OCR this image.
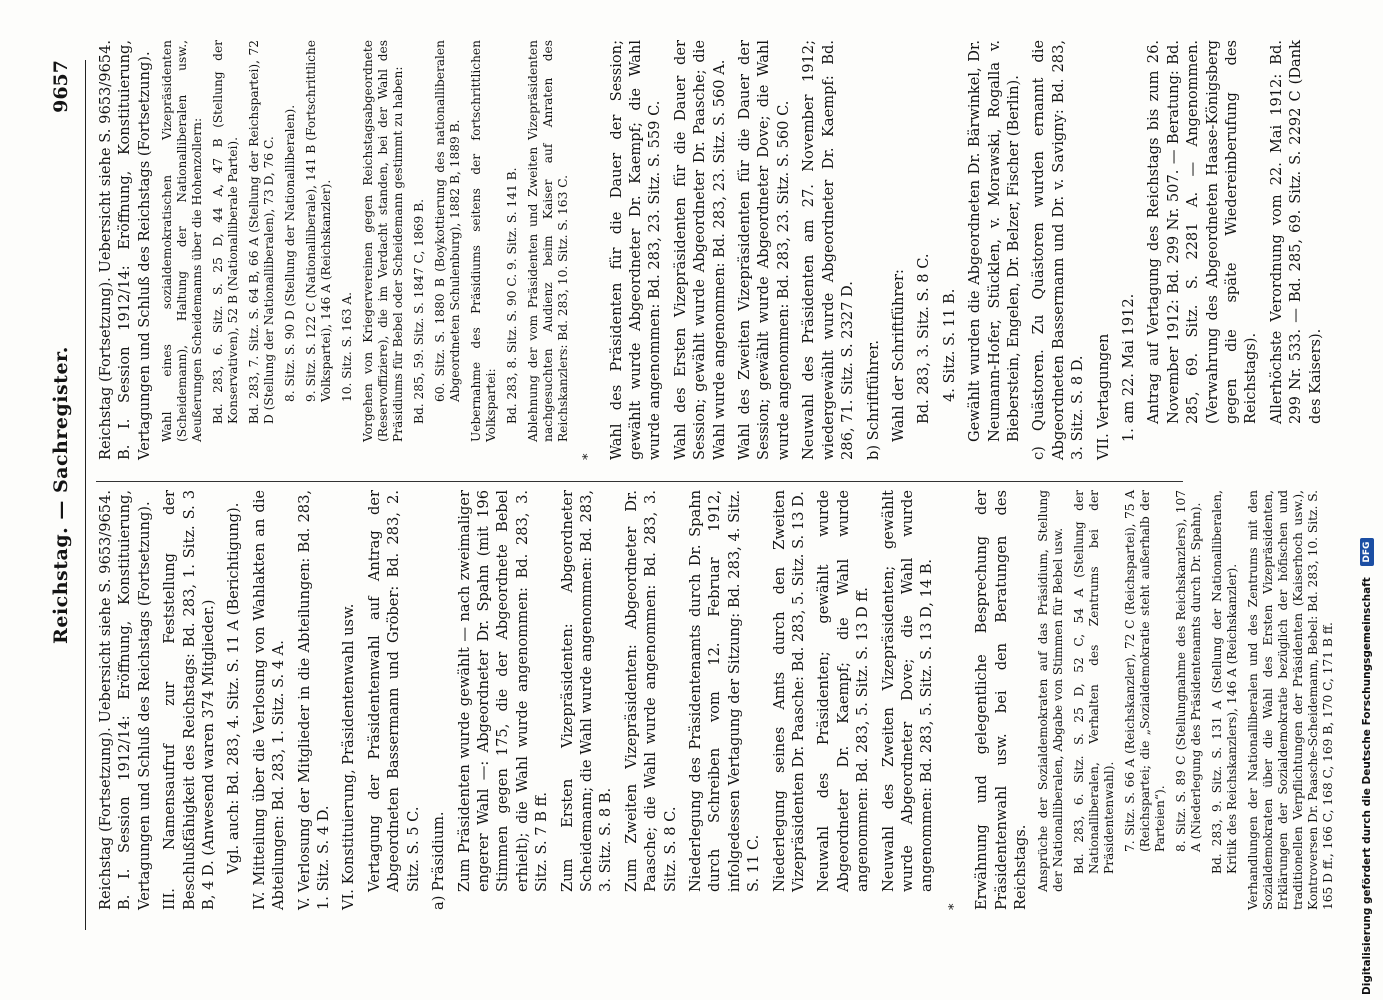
Reichstag. — Sachregister.
9657

Reichstag (Fortsetzung). Uebersicht siehe S. 9653/9654. B. I. Session 1912/14: Eröffnung, Konstituierung, Vertagungen und Schluß des Reichstags (Fortsetzung). III. Namensaufruf zur Feststellung der Beschlußfähigkeit des Reichstags: Bd. 283, 1. Sitz. S. 3 B, 4 D. (Anwesend waren 374 Mitglieder.) Vgl. auch: Bd. 283, 4. Sitz. S. 11 A (Berichtigung). IV. Mitteilung über die Verlosung von Wahlakten an die Abteilungen: Bd. 283, 1. Sitz. S. 4 A. V. Verlosung der Mitglieder in die Abteilungen: Bd. 283, 1. Sitz. S. 4 D. VI. Konstituierung, Präsidentenwahl usw. Vertagung der Präsidentenwahl auf Antrag der Abgeordneten Bassermann und Gröber: Bd. 283, 2. Sitz. S. 5 C. a) Präsidium. Zum Präsidenten wurde gewählt — nach zweimaliger engerer Wahl —: Abgeordneter Dr. Spahn (mit 196 Stimmen gegen 175, die der Abgeordnete Bebel erhielt); die Wahl wurde angenommen: Bd. 283, 3. Sitz. S. 7 B ff. Zum Ersten Vizepräsidenten: Abgeordneter Scheidemann; die Wahl wurde angenommen: Bd. 283, 3. Sitz. S. 8 B. Zum Zweiten Vizepräsidenten: Abgeordneter Dr. Paasche; die Wahl wurde angenommen: Bd. 283, 3. Sitz. S. 8 C. Niederlegung des Präsidentenamts durch Dr. Spahn durch Schreiben vom 12. Februar 1912, infolgedessen Vertagung der Sitzung: Bd. 283, 4. Sitz. S. 11 C. Niederlegung seines Amts durch den Zweiten Vizepräsidenten Dr. Paasche: Bd. 283, 5. Sitz. S. 13 D. Neuwahl des Präsidenten; gewählt wurde Abgeordneter Dr. Kaempf; die Wahl wurde angenommen: Bd. 283, 5. Sitz. S. 13 D ff. Neuwahl des Zweiten Vizepräsidenten; gewählt wurde Abgeordneter Dove; die Wahl wurde angenommen: Bd. 283, 5. Sitz. S. 13 D, 14 B.

* Erwähnung und gelegentliche Besprechung der Präsidentenwahl usw. bei den Beratungen des Reichstags. Ansprüche der Sozialdemokraten auf das Präsidium, Stellung der Nationalliberalen, Abgabe von Stimmen für Bebel usw. Bd. 283, 6. Sitz. S. 25 D, 52 C, 54 A (Stellung der Nationalliberalen, Verhalten des Zentrums bei der Präsidentenwahl). 7. Sitz. S. 66 A (Reichskanzler), 72 C (Reichspartei), 75 A (Reichspartei; die „Sozialdemokratie steht außerhalb der Parteien“). 8. Sitz. S. 89 C (Stellungnahme des Reichskanzlers), 107 A (Niederlegung des Präsidentenamts durch Dr. Spahn). Bd. 283, 9. Sitz. S. 131 A (Stellung der Nationalliberalen, Kritik des Reichskanzlers), 146 A (Reichskanzler). Verhandlungen der Nationalliberalen und des Zentrums mit den Sozialdemokraten über die Wahl des Ersten Vizepräsidenten, Erklärungen der Sozialdemokratie bezüglich der höfischen und traditionellen Verpflichtungen der Präsidenten (Kaiserhoch usw.), Kontroversen Dr. Paasche-Scheidemann, Bebel: Bd. 283, 10. Sitz. S. 165 D ff., 166 C, 168 C, 169 B, 170 C, 171 B ff.

Reichstag (Fortsetzung). Uebersicht siehe S. 9653/9654. B. I. Session 1912/14: Eröffnung, Konstituierung, Vertagungen und Schluß des Reichstags (Fortsetzung). Wahl eines sozialdemokratischen Vizepräsidenten (Scheidemann), Haltung der Nationalliberalen usw., Aeußerungen Scheidemanns über die Hohenzollern: Bd. 283, 6. Sitz. S. 25 D, 44 A, 47 B (Stellung der Konservativen), 52 B (Nationalliberale Partei). Bd. 283, 7. Sitz. S. 64 B, 66 A (Stellung der Reichspartei), 72 D (Stellung der Nationalliberalen), 73 D, 76 C. 8. Sitz. S. 90 D (Stellung der Nationalliberalen). 9. Sitz. S. 122 C (Nationalliberale), 141 B (Fortschrittliche Volkspartei), 146 A (Reichskanzler). 10. Sitz. S. 163 A. Vorgehen von Kriegervereinen gegen Reichstagsabgeordnete (Reservoffiziere), die im Verdacht standen, bei der Wahl des Präsidiums für Bebel oder Scheidemann gestimmt zu haben: Bd. 285, 59. Sitz. S. 1847 C, 1869 B. 60. Sitz. S. 1880 B (Boykottierung des nationalliberalen Abgeordneten Schulenburg), 1882 B, 1889 B. Uebernahme des Präsidiums seitens der fortschrittlichen Volkspartei: Bd. 283, 8. Sitz. S. 90 C. 9. Sitz. S. 141 B. Ablehnung der vom Präsidenten und Zweiten Vizepräsidenten nachgesuchten Audienz beim Kaiser auf Anraten des Reichskanzlers: Bd. 283, 10. Sitz. S. 163 C.

* Wahl des Präsidenten für die Dauer der Session; gewählt wurde Abgeordneter Dr. Kaempf; die Wahl wurde angenommen: Bd. 283, 23. Sitz. S. 559 C. Wahl des Ersten Vizepräsidenten für die Dauer der Session; gewählt wurde Abgeordneter Dr. Paasche; die Wahl wurde angenommen: Bd. 283, 23. Sitz. S. 560 A. Wahl des Zweiten Vizepräsidenten für die Dauer der Session; gewählt wurde Abgeordneter Dove; die Wahl wurde angenommen: Bd. 283, 23. Sitz. S. 560 C. Neuwahl des Präsidenten am 27. November 1912; wiedergewählt wurde Abgeordneter Dr. Kaempf: Bd. 286, 71. Sitz. S. 2327 D. b) Schriftführer. Wahl der Schriftführer: Bd. 283, 3. Sitz. S. 8 C. 4. Sitz. S. 11 B. Gewählt wurden die Abgeordneten Dr. Bärwinkel, Dr. Neumann-Hofer, Stücklen, v. Morawski, Rogalla v. Bieberstein, Engelen, Dr. Belzer, Fischer (Berlin). c) Quästoren. Zu Quästoren wurden ernannt die Abgeordneten Bassermann und Dr. v. Savigny: Bd. 283, 3. Sitz. S. 8 D. VII. Vertagungen 1. am 22. Mai 1912. Antrag auf Vertagung des Reichstags bis zum 26. November 1912: Bd. 299 Nr. 507. — Beratung: Bd. 285, 69. Sitz. S. 2281 A. — Angenommen. (Verwahrung des Abgeordneten Haase-Königsberg gegen die späte Wiedereinberufung des Reichstags). Allerhöchste Verordnung vom 22. Mai 1912: Bd. 299 Nr. 533. — Bd. 285, 69. Sitz. S. 2292 C (Dank des Kaisers).

Digitalisierung gefördert durch die Deutsche Forschungsgemeinschaft DFG
